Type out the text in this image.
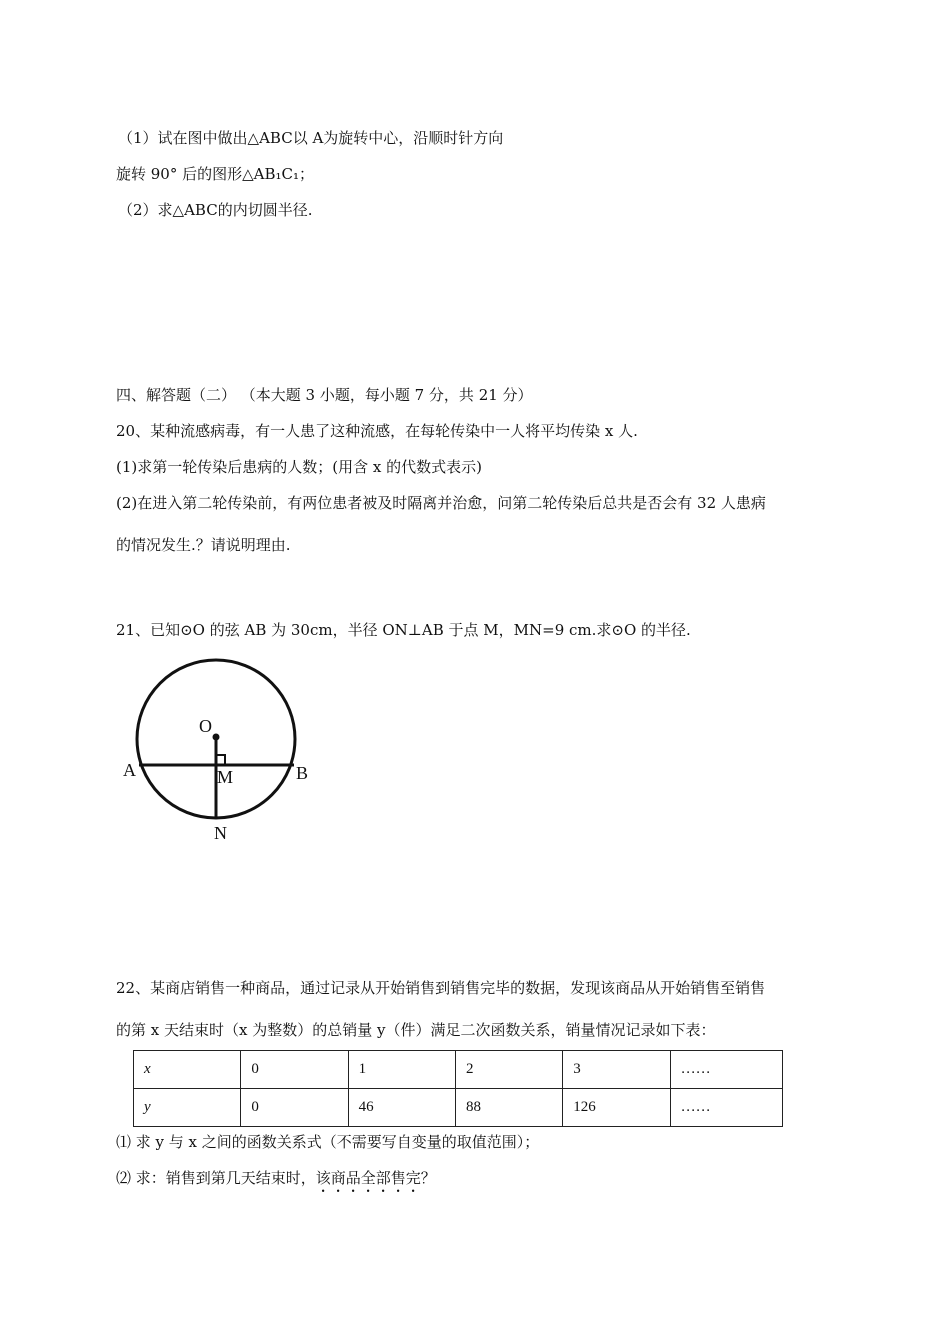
（1）试在图中做出△ABC以 A为旋转中心，沿顺时针方向
旋转 90° 后的图形△AB₁C₁；
（2）求△ABC的内切圆半径.
四、解答题（二） （本大题 3 小题，每小题 7 分，共 21 分）
20、某种流感病毒，有一人患了这种流感，在每轮传染中一人将平均传染 x 人.
(1)求第一轮传染后患病的人数；(用含 x 的代数式表示)
(2)在进入第二轮传染前，有两位患者被及时隔离并治愈，问第二轮传染后总共是否会有 32 人患病
的情况发生.？请说明理由.
21、已知⊙O 的弦 AB 为 30cm，半径 ON⊥AB 于点 M，MN=9 cm.求⊙O 的半径.
O
A	B
M
N
22、某商店销售一种商品，通过记录从开始销售到销售完毕的数据，发现该商品从开始销售至销售
的第 x 天结束时（x 为整数）的总销量 y（件）满足二次函数关系，销量情况记录如下表：
x	0	1	2	3	……
y	0	46	88	126	……
⑴ 求 y 与 x 之间的函数关系式（不需要写自变量的取值范围）；
⑵ 求：销售到第几天结束时，该商品全部售完？
